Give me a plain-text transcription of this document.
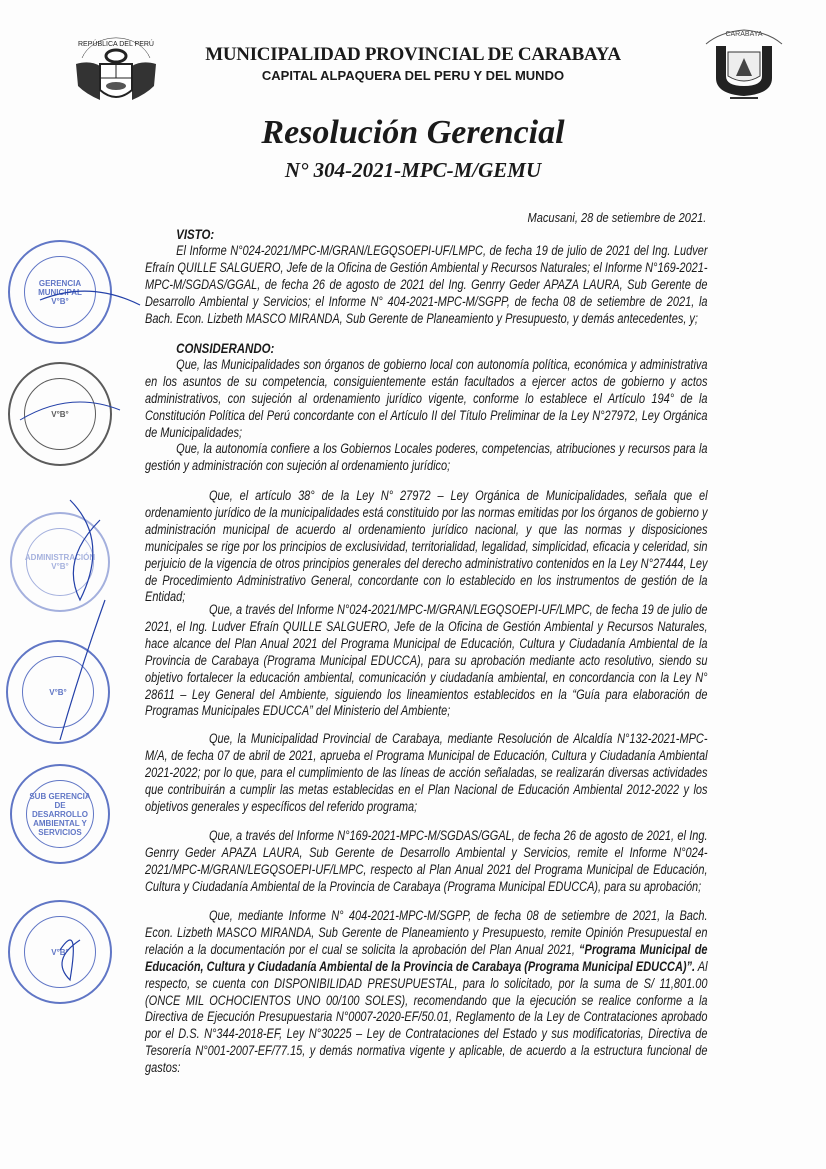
REPÚBLICA DEL PERÚ
CARABAYA
MUNICIPALIDAD PROVINCIAL DE CARABAYA
CAPITAL ALPAQUERA DEL PERU Y DEL MUNDO
Resolución Gerencial
N° 304-2021-MPC-M/GEMU
Macusani, 28 de setiembre de 2021.

VISTO:

El Informe N°024-2021/MPC-M/GRAN/LEGQSOEPI-UF/LMPC, de fecha 19 de julio de 2021 del Ing. Ludver Efraín QUILLE SALGUERO, Jefe de la Oficina de Gestión Ambiental y Recursos Naturales; el Informe N°169-2021-MPC-M/SGDAS/GGAL, de fecha 26 de agosto de 2021 del Ing. Genrry Geder APAZA LAURA, Sub Gerente de Desarrollo Ambiental y Servicios; el Informe N° 404-2021-MPC-M/SGPP, de fecha 08 de setiembre de 2021, la Bach. Econ. Lizbeth MASCO MIRANDA, Sub Gerente de Planeamiento y Presupuesto, y demás antecedentes, y;

CONSIDERANDO:

Que, las Municipalidades son órganos de gobierno local con autonomía política, económica y administrativa en los asuntos de su competencia, consiguientemente están facultados a ejercer actos de gobierno y actos administrativos, con sujeción al ordenamiento jurídico vigente, conforme lo establece el Artículo 194° de la Constitución Política del Perú concordante con el Artículo II del Título Preliminar de la Ley N°27972, Ley Orgánica de Municipalidades;

Que, la autonomía confiere a los Gobiernos Locales poderes, competencias, atribuciones y recursos para la gestión y administración con sujeción al ordenamiento jurídico;

Que, el artículo 38° de la Ley N° 27972 – Ley Orgánica de Municipalidades, señala que el ordenamiento jurídico de la municipalidades está constituido por las normas emitidas por los órganos de gobierno y administración municipal de acuerdo al ordenamiento jurídico nacional, y que las normas y disposiciones municipales se rige por los principios de exclusividad, territorialidad, legalidad, simplicidad, eficacia y celeridad, sin perjuicio de la vigencia de otros principios generales del derecho administrativo contenidos en la Ley N°27444, Ley de Procedimiento Administrativo General, concordante con lo establecido en los instrumentos de gestión de la Entidad;

Que, a través del Informe N°024-2021/MPC-M/GRAN/LEGQSOEPI-UF/LMPC, de fecha 19 de julio de 2021, el Ing. Ludver Efraín QUILLE SALGUERO, Jefe de la Oficina de Gestión Ambiental y Recursos Naturales, hace alcance del Plan Anual 2021 del Programa Municipal de Educación, Cultura y Ciudadanía Ambiental de la Provincia de Carabaya (Programa Municipal EDUCCA), para su aprobación mediante acto resolutivo, siendo su objetivo fortalecer la educación ambiental, comunicación y ciudadanía ambiental, en concordancia con la Ley N° 28611 – Ley General del Ambiente, siguiendo los lineamientos establecidos en la “Guía para elaboración de Programas Municipales EDUCCA” del Ministerio del Ambiente;

Que, la Municipalidad Provincial de Carabaya, mediante Resolución de Alcaldía N°132-2021-MPC-M/A, de fecha 07 de abril de 2021, aprueba el Programa Municipal de Educación, Cultura y Ciudadanía Ambiental 2021-2022; por lo que, para el cumplimiento de las líneas de acción señaladas, se realizarán diversas actividades que contribuirán a cumplir las metas establecidas en el Plan Nacional de Educación Ambiental 2012-2022 y los objetivos generales y específicos del referido programa;

Que, a través del Informe N°169-2021-MPC-M/SGDAS/GGAL, de fecha 26 de agosto de 2021, el Ing. Genrry Geder APAZA LAURA, Sub Gerente de Desarrollo Ambiental y Servicios, remite el Informe N°024-2021/MPC-M/GRAN/LEGQSOEPI-UF/LMPC, respecto al Plan Anual 2021 del Programa Municipal de Educación, Cultura y Ciudadanía Ambiental de la Provincia de Carabaya (Programa Municipal EDUCCA), para su aprobación;

Que, mediante Informe N° 404-2021-MPC-M/SGPP, de fecha 08 de setiembre de 2021, la Bach. Econ. Lizbeth MASCO MIRANDA, Sub Gerente de Planeamiento y Presupuesto, remite Opinión Presupuestal en relación a la documentación por el cual se solicita la aprobación del Plan Anual 2021, “Programa Municipal de Educación, Cultura y Ciudadanía Ambiental de la Provincia de Carabaya (Programa Municipal EDUCCA)”. Al respecto, se cuenta con DISPONIBILIDAD PRESUPUESTAL, para lo solicitado, por la suma de S/ 11,801.00 (ONCE MIL OCHOCIENTOS UNO 00/100 SOLES), recomendando que la ejecución se realice conforme a la Directiva de Ejecución Presupuestaria N°0007-2020-EF/50.01, Reglamento de la Ley de Contrataciones aprobado por el D.S. N°344-2018-EF, Ley N°30225 – Ley de Contrataciones del Estado y sus modificatorias, Directiva de Tesorería N°001-2007-EF/77.15, y demás normativa vigente y aplicable, de acuerdo a la estructura funcional de gastos:

GERENCIA
MUNICIPAL
V°B°
V°B°
ADMINISTRACIÓN
V°B°
V°B°
SUB GERENCIA
DE DESARROLLO
AMBIENTAL Y
SERVICIOS
V°B°
